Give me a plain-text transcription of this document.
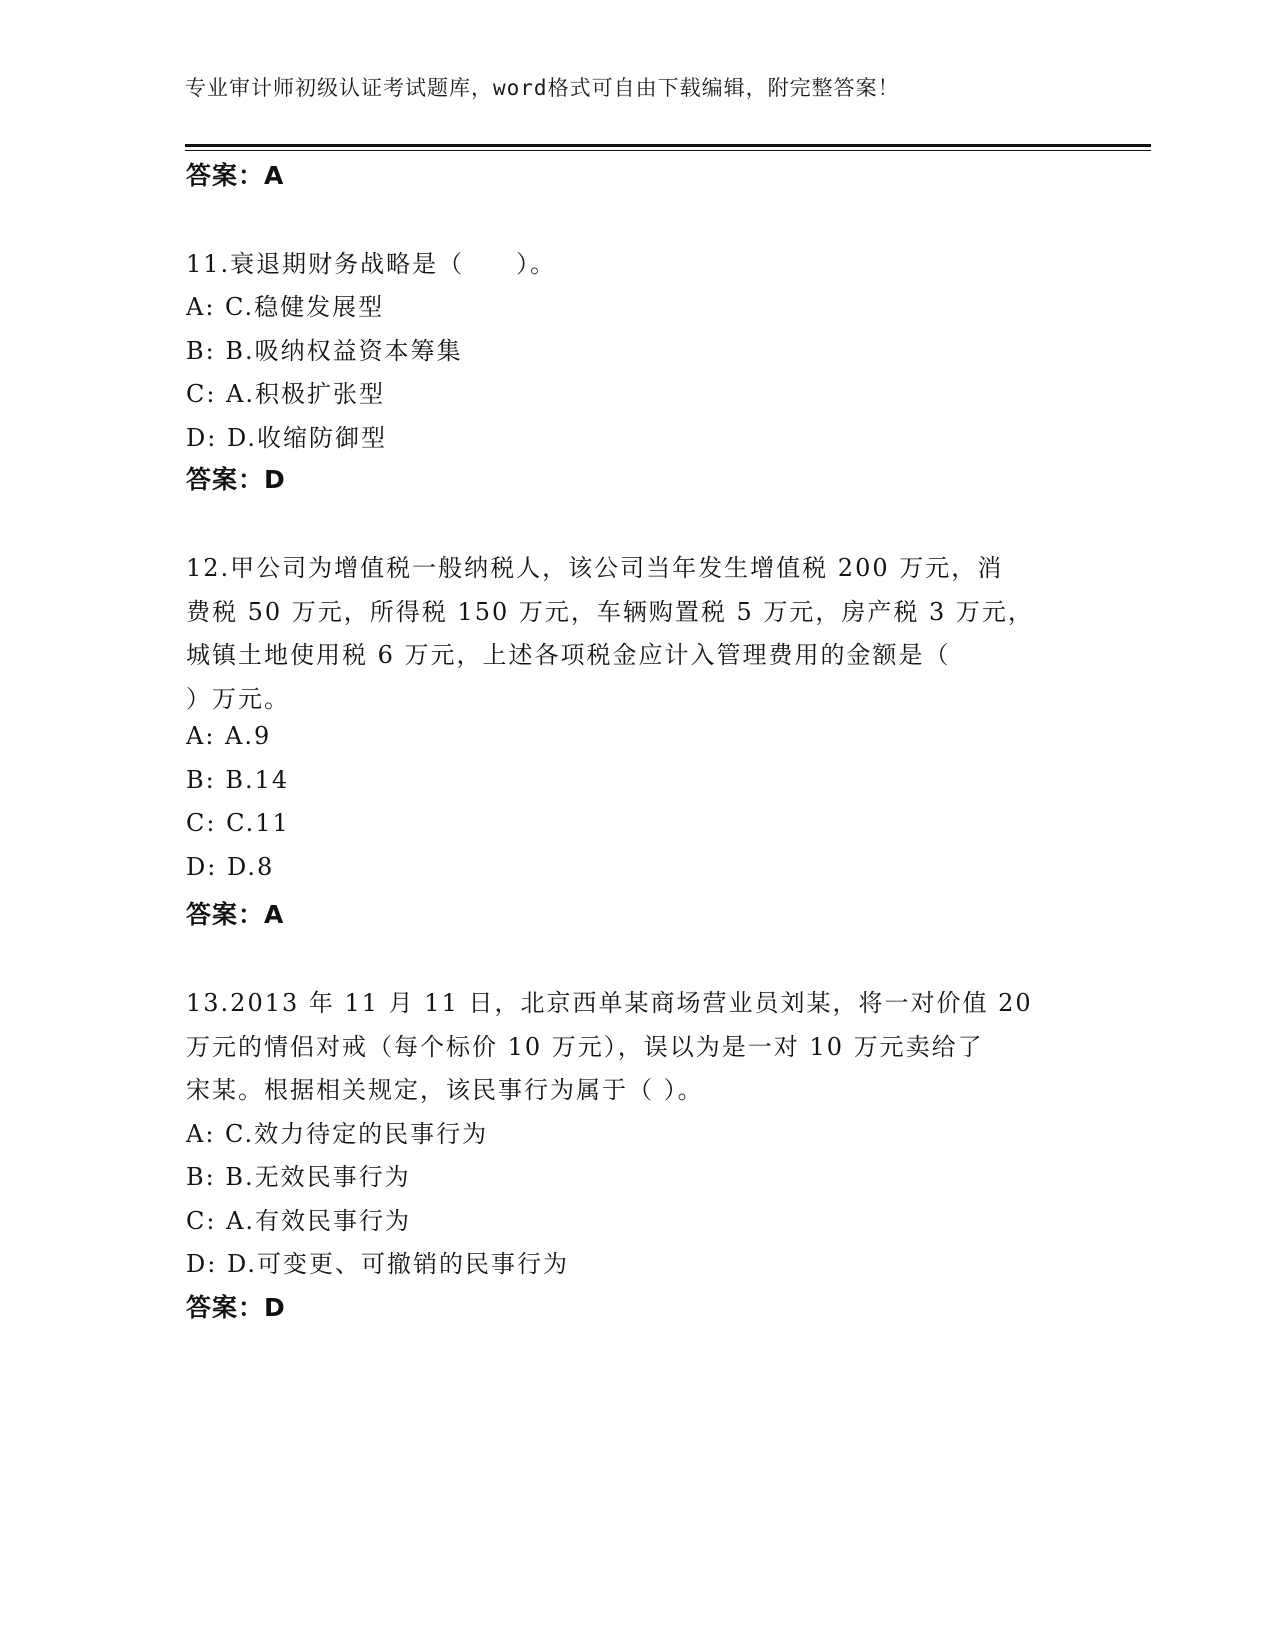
专业审计师初级认证考试题库，word格式可自由下载编辑，附完整答案！
答案：A
11.衰退期财务战略是（　　）。
A: C.稳健发展型
B: B.吸纳权益资本筹集
C: A.积极扩张型
D: D.收缩防御型
答案：D
12.甲公司为增值税一般纳税人，该公司当年发生增值税 200 万元，消
费税 50 万元，所得税 150 万元，车辆购置税 5 万元，房产税 3 万元，
城镇土地使用税 6 万元，上述各项税金应计入管理费用的金额是（
）万元。
A: A.9
B: B.14
C: C.11
D: D.8
答案：A
13.2013 年 11 月 11 日，北京西单某商场营业员刘某，将一对价值 20
万元的情侣对戒（每个标价 10 万元），误以为是一对 10 万元卖给了
宋某。根据相关规定，该民事行为属于（ ）。
A: C.效力待定的民事行为
B: B.无效民事行为
C: A.有效民事行为
D: D.可变更、可撤销的民事行为
答案：D
